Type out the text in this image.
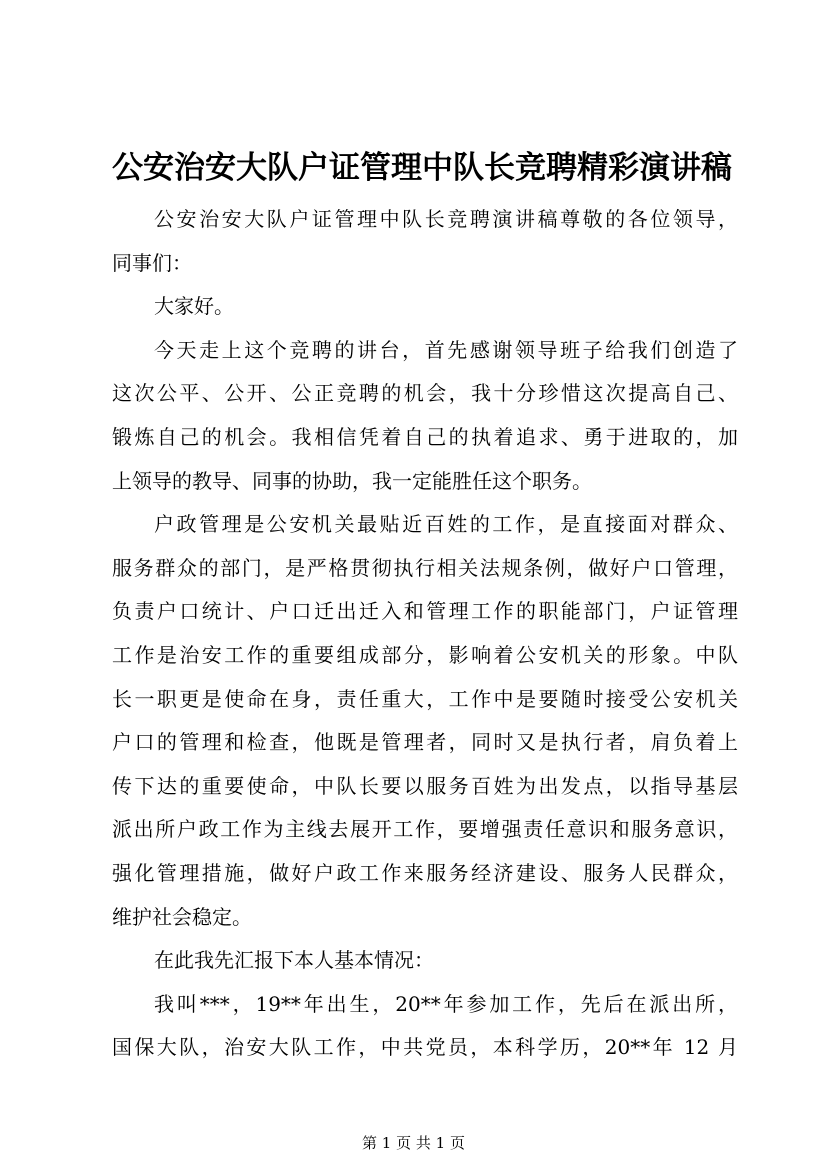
公安治安大队户证管理中队长竞聘精彩演讲稿
公安治安大队户证管理中队长竞聘演讲稿尊敬的各位领导，
同事们：
大家好。
今天走上这个竞聘的讲台，首先感谢领导班子给我们创造了
这次公平、公开、公正竞聘的机会，我十分珍惜这次提高自己、
锻炼自己的机会。我相信凭着自己的执着追求、勇于进取的，加
上领导的教导、同事的协助，我一定能胜任这个职务。
户政管理是公安机关最贴近百姓的工作，是直接面对群众、
服务群众的部门，是严格贯彻执行相关法规条例，做好户口管理，
负责户口统计、户口迁出迁入和管理工作的职能部门，户证管理
工作是治安工作的重要组成部分，影响着公安机关的形象。中队
长一职更是使命在身，责任重大，工作中是要随时接受公安机关
户口的管理和检查，他既是管理者，同时又是执行者，肩负着上
传下达的重要使命，中队长要以服务百姓为出发点，以指导基层
派出所户政工作为主线去展开工作，要增强责任意识和服务意识，
强化管理措施，做好户政工作来服务经济建设、服务人民群众，
维护社会稳定。
在此我先汇报下本人基本情况：
我叫***，19**年出生，20**年参加工作，先后在派出所，
国保大队，治安大队工作，中共党员，本科学历，20**年 12 月
第 1 页 共 1 页
